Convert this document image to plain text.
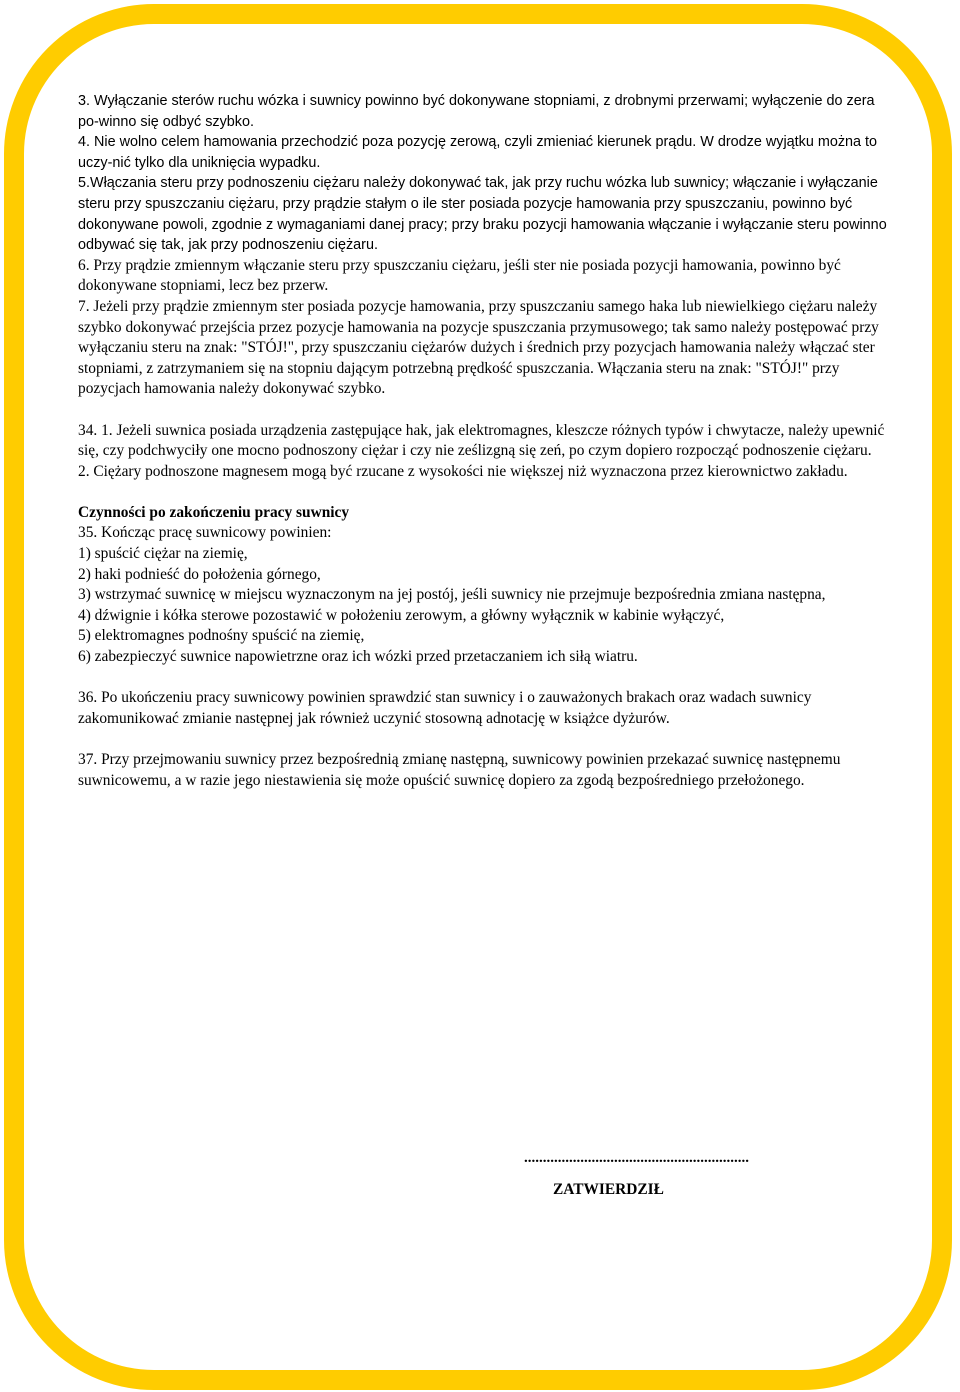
3. Wyłączanie sterów ruchu wózka i suwnicy powinno być dokonywane stopniami, z drobnymi przerwami; wyłączenie do zera po-winno się odbyć szybko.

4. Nie wolno celem hamowania przechodzić poza pozycję zerową, czyli zmieniać kierunek prądu. W drodze wyjątku można to uczy-nić tylko dla uniknięcia wypadku.

5.Włączania steru przy podnoszeniu ciężaru należy dokonywać tak, jak przy ruchu wózka lub suwnicy; włączanie i wyłączanie steru przy spuszczaniu ciężaru, przy prądzie stałym o ile ster posiada pozycje hamowania przy spuszczaniu, powinno być dokonywane powoli, zgodnie z wymaganiami danej pracy; przy braku pozycji hamowania włączanie i wyłączanie steru powinno odbywać się tak, jak przy podnoszeniu ciężaru.

6. Przy prądzie zmiennym włączanie steru przy spuszczaniu ciężaru, jeśli ster nie posiada pozycji hamowania, powinno być dokonywane stopniami, lecz bez przerw.

7. Jeżeli przy prądzie zmiennym ster posiada pozycje hamowania, przy spuszczaniu samego haka lub niewielkiego ciężaru należy szybko dokonywać przejścia przez pozycje hamowania na pozycje spuszczania przymusowego; tak samo należy postępować przy wyłączaniu steru na znak: "STÓJ!", przy spuszczaniu ciężarów dużych i średnich przy pozycjach hamowania należy włączać ster stopniami, z zatrzymaniem się na stopniu dającym potrzebną prędkość spuszczania. Włączania steru na znak: "STÓJ!" przy pozycjach hamowania należy dokonywać szybko.

34. 1. Jeżeli suwnica posiada urządzenia zastępujące hak, jak elektromagnes, kleszcze różnych typów i chwytacze, należy upewnić się, czy podchwyciły one mocno podnoszony ciężar i czy nie ześlizgną się zeń, po czym dopiero rozpocząć podnoszenie ciężaru.

2. Ciężary podnoszone magnesem mogą być rzucane z wysokości nie większej niż wyznaczona przez kierownictwo zakładu.

Czynności po zakończeniu pracy suwnicy

35. Kończąc pracę suwnicowy powinien:

1) spuścić ciężar na ziemię,

2) haki podnieść do położenia górnego,

3) wstrzymać suwnicę w miejscu wyznaczonym na jej postój, jeśli suwnicy nie przejmuje bezpośrednia zmiana następna,

4) dźwignie i kółka sterowe pozostawić w położeniu zerowym, a główny wyłącznik w kabinie wyłączyć,

5) elektromagnes podnośny spuścić na ziemię,

6) zabezpieczyć suwnice napowietrzne oraz ich wózki przed przetaczaniem ich siłą wiatru.

36. Po ukończeniu pracy suwnicowy powinien sprawdzić stan suwnicy i o zauważonych brakach oraz wadach suwnicy zakomunikować zmianie następnej jak również uczynić stosowną adnotację w książce dyżurów.

37. Przy przejmowaniu suwnicy przez bezpośrednią zmianę następną, suwnicowy powinien przekazać suwnicę następnemu suwnicowemu, a w razie jego niestawienia się może opuścić suwnicę dopiero za zgodą bezpośredniego przełożonego.

............................................................
ZATWIERDZIŁ
